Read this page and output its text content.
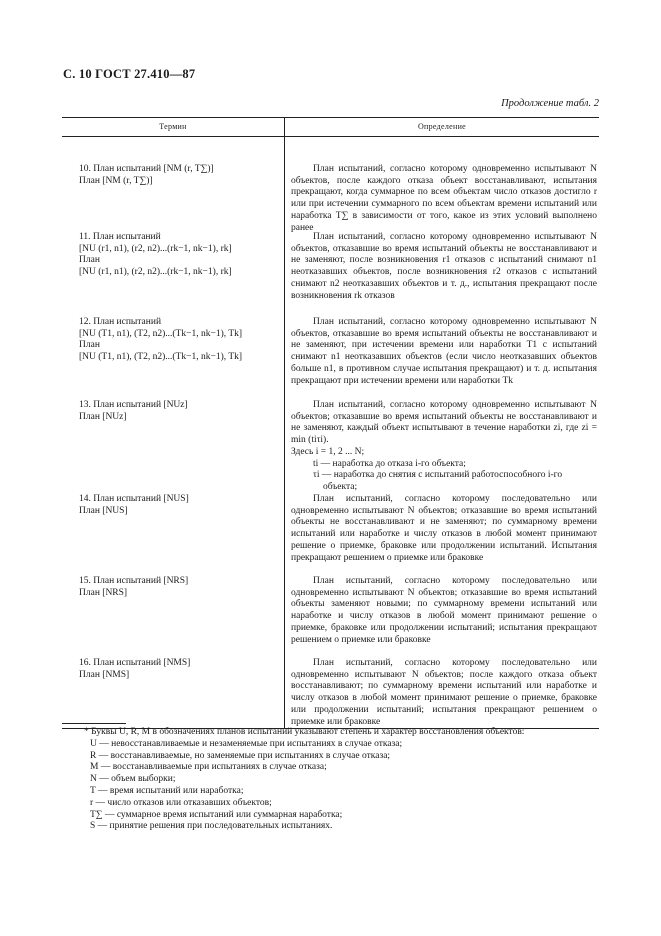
С. 10 ГОСТ 27.410—87
Продолжение табл. 2
Термин	Определение
10. План испытаний [NM (r, T∑)]
План [NM (r, T∑)]
11. План испытаний
[NU (r1, n1), (r2, n2)...(rk−1, nk−1), rk]
План
[NU (r1, n1), (r2, n2)...(rk−1, nk−1), rk]
12. План испытаний
[NU (T1, n1), (T2, n2)...(Tk−1, nk−1), Tk]
План
[NU (T1, n1), (T2, n2)...(Tk−1, nk−1), Tk]
13. План испытаний [NUz]
План [NUz]
14. План испытаний [NUS]
План [NUS]
15. План испытаний [NRS]
План [NRS]
16. План испытаний [NMS]
План [NMS]

План испытаний, согласно которому одновременно испытывают N объектов, после каждого отказа объект восстанавливают, испытания прекращают, когда суммарное по всем объектам число отказов достигло r или при истечении суммарного по всем объектам времени испытаний или наработка T∑ в зависимости от того, какое из этих условий выполнено ранее

План испытаний, согласно которому одновременно испытывают N объектов, отказавшие во время испытаний объекты не восстанавливают и не заменяют, после возникновения r1 отказов с испытаний снимают n1 неотказавших объектов, после возникновения r2 отказов с испытаний снимают n2 неотказавших объектов и т. д., испытания прекращают после возникновения rk отказов

План испытаний, согласно которому одновременно испытывают N объектов, отказавшие во время испытаний объекты не восстанавливают и не заменяют, при истечении времени или наработки T1 с испытаний снимают n1 неотказавших объектов (если число неотказавших объектов больше n1, в противном случае испытания прекращают) и т. д. испытания прекращают при истечении времени или наработки Tk

План испытаний, согласно которому одновременно испытывают N объектов; отказавшие во время испытаний объекты не восстанавливают и не заменяют, каждый объект испытывают в течение наработки zi, где zi = min (tiτi).

Здесь i = 1, 2 ... N;

ti — наработка до отказа i-го объекта;

τi — наработка до снятия с испытаний работоспособного i-го объекта;

План испытаний, согласно которому последовательно или одновременно испытывают N объектов; отказавшие во время испытаний объекты не восстанавливают и не заменяют; по суммарному времени испытаний или наработке и числу отказов в любой момент принимают решение о приемке, браковке или продолжении испытаний. Испытания прекращают решением о приемке или браковке

План испытаний, согласно которому последовательно или одновременно испытывают N объектов; отказавшие во время испытаний объекты заменяют новыми; по суммарному времени испытаний или наработке и числу отказов в любой момент принимают решение о приемке, браковке или продолжении испытаний; испытания прекращают решением о приемке или браковке

План испытаний, согласно которому последовательно или одновременно испытывают N объектов; после каждого отказа объект восстанавливают; по суммарному времени испытаний или наработке и числу отказов в любой момент принимают решение о приемке, браковке или продолжении испытаний; испытания прекращают решением о приемке или браковке

* Буквы U, R, M в обозначениях планов испытаний указывают степень и характер восстановления объектов:

U — невосстанавливаемые и незаменяемые при испытаниях в случае отказа;

R — восстанавливаемые, но заменяемые при испытаниях в случае отказа;

M — восстанавливаемые при испытаниях в случае отказа;

N — объем выборки;

T — время испытаний или наработка;

r — число отказов или отказавших объектов;

T∑ — суммарное время испытаний или суммарная наработка;

S — принятие решения при последовательных испытаниях.
